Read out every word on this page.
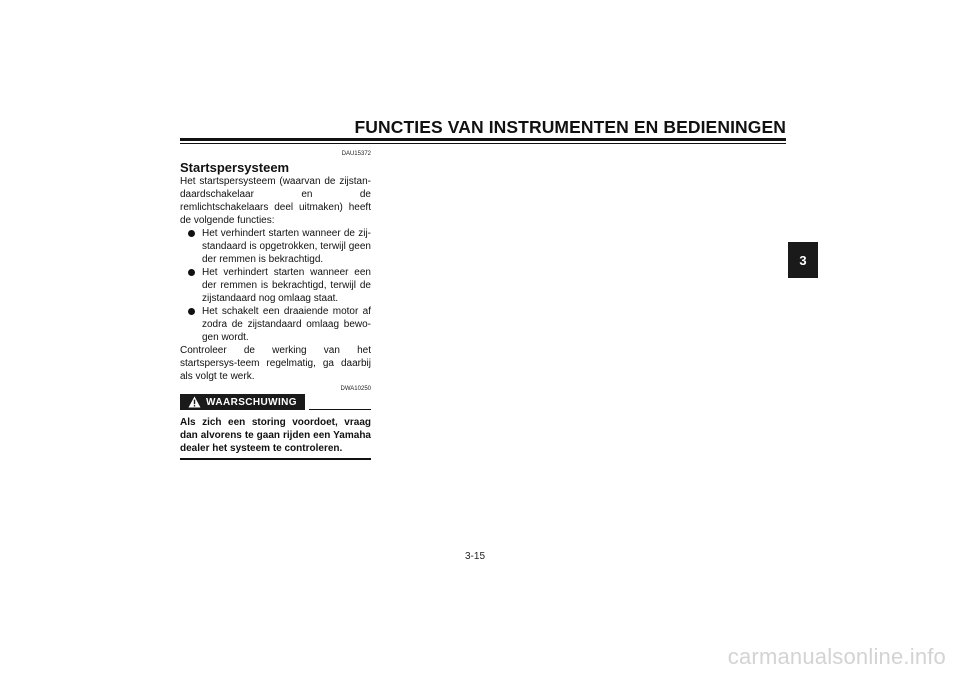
FUNCTIES VAN INSTRUMENTEN EN BEDIENINGEN
3
DAU15372
Startspersysteem

Het startspersysteem (waarvan de zijstan-daardschakelaar en de remlichtschakelaars deel uitmaken) heeft de volgende functies:

Het verhindert starten wanneer de zij-standaard is opgetrokken, terwijl geen der remmen is bekrachtigd.
Het verhindert starten wanneer een der remmen is bekrachtigd, terwijl de zijstandaard nog omlaag staat.
Het schakelt een draaiende motor af zodra de zijstandaard omlaag bewo-gen wordt.

Controleer de werking van het startspersys-teem regelmatig, ga daarbij als volgt te werk.

DWA10250
WAARSCHUWING

Als zich een storing voordoet, vraag dan alvorens te gaan rijden een Yamaha dealer het systeem te controleren.

3-15
carmanualsonline.info
